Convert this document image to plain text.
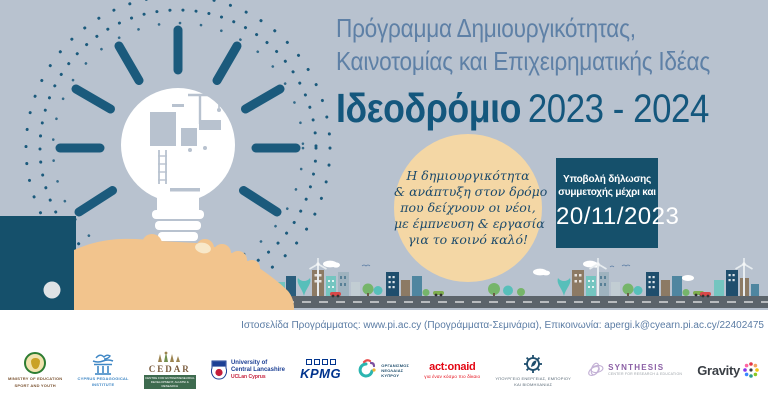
Πρόγραμμα Δημιουργικότητας,
Καινοτομίας και Επιχειρηματικής Ιδέας
Ιδεοδρόμιο 2023 - 2024
Η δημιουργικότητα
& ανάπτυξη στον δρόμο
που δείχνουν οι νέοι,
με έμπνευση & εργασία
για το κοινό καλό!
Υποβολή δήλωσης
συμμετοχής μέχρι και
20/11/2023
Ιστοσελίδα Προγράμματος: www.pi.ac.cy (Προγράμματα-Σεμινάρια), Επικοινωνία: apergi.k@cyearn.pi.ac.cy/22402475
MINISTRY OF EDUCATION
SPORT AND YOUTH
CYPRUS PEDAGOGICAL
INSTITUTE
CEDAR
CENTRE FOR ENTREPRENEURIAL DEVELOPMENT, ALUMNI & RESEARCH
University of
Central Lancashire
UCLan Cyprus	KPMG
ΟΡΓΑΝΙΣΜΟΣ
ΝΕΟΛΑΙΑΣ
ΚΥΠΡΟΥ
act:onaid
για έναν κόσμο πιο δίκαιο	ΥΠΟΥΡΓΕΙΟ ΕΝΕΡΓΕΙΑΣ, ΕΜΠΟΡΙΟΥ
ΚΑΙ ΒΙΟΜΗΧΑΝΙΑΣ
SYNTHESIS
CENTER FOR RESEARCH & EDUCATION Gravity
